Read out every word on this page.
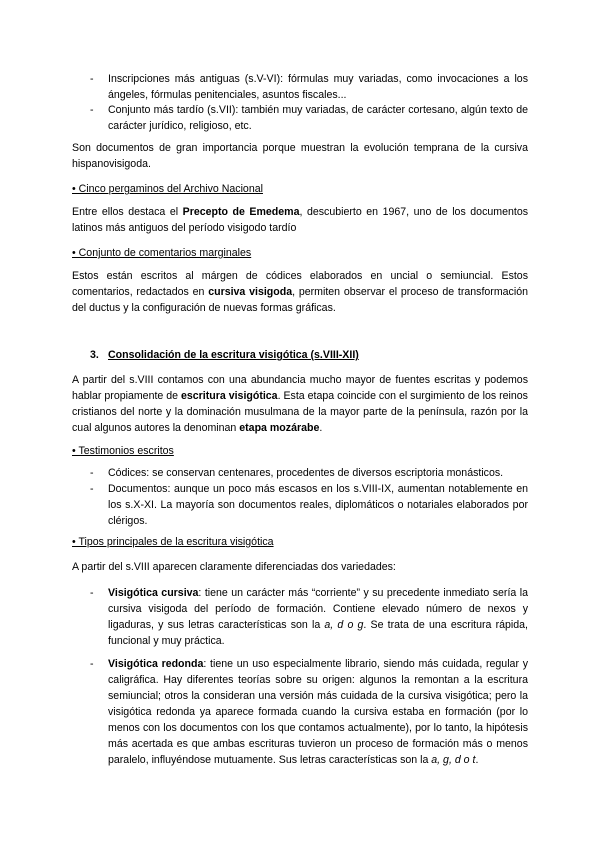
- Inscripciones más antiguas (s.V-VI): fórmulas muy variadas, como invocaciones a los ángeles, fórmulas penitenciales, asuntos fiscales...
- Conjunto más tardío (s.VII): también muy variadas, de carácter cortesano, algún texto de carácter jurídico, religioso, etc.
Son documentos de gran importancia porque muestran la evolución temprana de la cursiva hispanovisigoda.
• Cinco pergaminos del Archivo Nacional
Entre ellos destaca el Precepto de Emedema, descubierto en 1967, uno de los documentos latinos más antiguos del período visigodo tardío
• Conjunto de comentarios marginales
Estos están escritos al márgen de códices elaborados en uncial o semiuncial. Estos comentarios, redactados en cursiva visigoda, permiten observar el proceso de transformación del ductus y la configuración de nuevas formas gráficas.
3. Consolidación de la escritura visigótica (s.VIII-XII)
A partir del s.VIII contamos con una abundancia mucho mayor de fuentes escritas y podemos hablar propiamente de escritura visigótica. Esta etapa coincide con el surgimiento de los reinos cristianos del norte y la dominación musulmana de la mayor parte de la península, razón por la cual algunos autores la denominan etapa mozárabe.
• Testimonios escritos
- Códices: se conservan centenares, procedentes de diversos escriptoria monásticos.
- Documentos: aunque un poco más escasos en los s.VIII-IX, aumentan notablemente en los s.X-XI. La mayoría son documentos reales, diplomáticos o notariales elaborados por clérigos.
• Tipos principales de la escritura visigótica
A partir del s.VIII aparecen claramente diferenciadas dos variedades:
- Visigótica cursiva: tiene un carácter más “corriente” y su precedente inmediato sería la cursiva visigoda del período de formación. Contiene elevado número de nexos y ligaduras, y sus letras características son la a, d o g. Se trata de una escritura rápida, funcional y muy práctica.
- Visigótica redonda: tiene un uso especialmente librario, siendo más cuidada, regular y caligráfica. Hay diferentes teorías sobre su origen: algunos la remontan a la escritura semiuncial; otros la consideran una versión más cuidada de la cursiva visigótica; pero la visigótica redonda ya aparece formada cuando la cursiva estaba en formación (por lo menos con los documentos con los que contamos actualmente), por lo tanto, la hipótesis más acertada es que ambas escrituras tuvieron un proceso de formación más o menos paralelo, influyéndose mutuamente. Sus letras características son la a, g, d o t.
